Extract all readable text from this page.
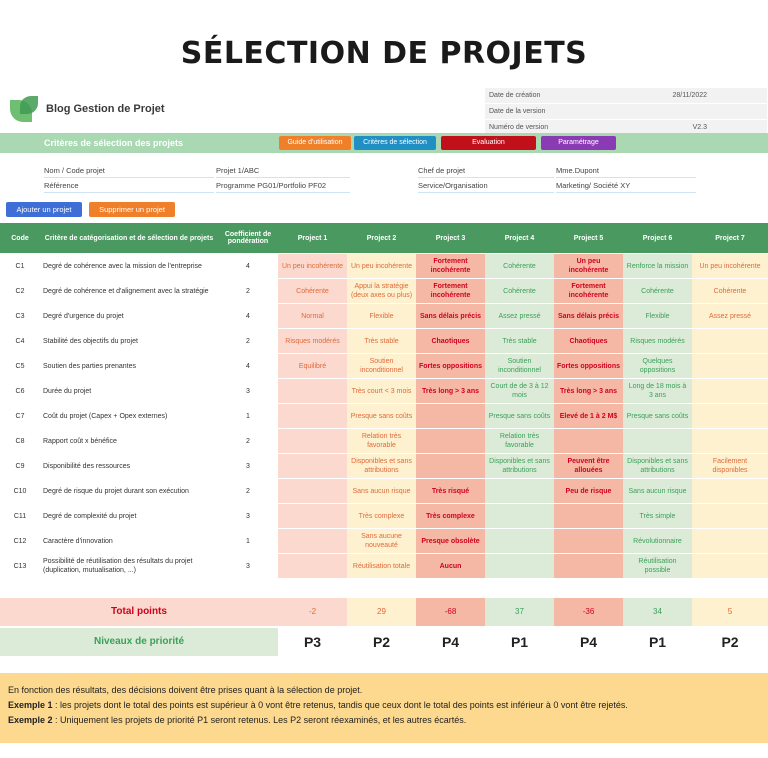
SÉLECTION DE PROJETS
Blog Gestion de Projet
Date de création	28/11/2022
Date de la version
Numéro de version	V2.3
Critères de sélection des projets	Guide d'utilisation	Critères de sélection	Evaluation	Paramétrage
Nom / Code projet	Projet 1/ABC
Référence	Programme PG01/Portfolio PF02
Chef de projet	Mme.Dupont
Service/Organisation	Marketing/ Société XY
Ajouter un projet	Supprimer un projet
Code	Critère de catégorisation et de sélection de projets	Coefficient de pondération	Project 1	Project 2	Project 3	Project 4	Project 5	Project 6	Project 7
C1	Degré de cohérence avec la mission de l'entreprise	4	Un peu incohérente	Un peu incohérente	Fortement incohérente	Cohérente	Un peu incohérente	Renforce la mission	Un peu incohérente
C2	Degré de cohérence et d'alignement avec la stratégie	2	Cohérente	Appui la stratégie (deux axes ou plus)	Fortement incohérente	Cohérente	Fortement incohérente	Cohérente	Cohérente
C3	Degré d'urgence du projet	4	Normal	Flexible	Sans délais précis	Assez pressé	Sans délais précis	Flexible	Assez pressé
C4	Stabilité des objectifs du projet	2	Risques modérés	Très stable	Chaotiques	Très stable	Chaotiques	Risques modérés	
C5	Soutien des parties prenantes	4	Equilibré	Soutien inconditionnel	Fortes oppositions	Soutien inconditionnel	Fortes oppositions	Quelques oppositions	
C6	Durée du projet	3		Très court < 3 mois	Très long > 3 ans	Court de de 3 à 12 mois	Très long > 3 ans	Long de 18 mois à 3 ans	
C7	Coût du projet (Capex + Opex externes)	1		Presque sans coûts		Presque sans coûts	Elevé de 1 à 2 M$	Presque sans coûts	
C8	Rapport coût x bénéfice	2		Relation très favorable		Relation très favorable			
C9	Disponibilité des ressources	3		Disponibles et sans attributions		Disponibles et sans attributions	Peuvent être allouées	Disponibles et sans attributions	Facilement disponibles
C10	Degré de risque du projet durant son exécution	2		Sans aucun risque	Très risqué		Peu de risque	Sans aucun risque	
C11	Degré de complexité du projet	3		Très complexe	Très complexe			Très simple	
C12	Caractère d'innovation	1		Sans aucune nouveauté	Presque obsolète			Révolutionnaire	
C13	Possibilité de réutilisation des résultats du projet (duplication, mutualisation, ...)	3		Réutilisation totale	Aucun			Réutilisation possible	
Total points	-2	29	-68	37	-36	34	5
Niveaux de priorité	P3	P2	P4	P1	P4	P1	P2
En fonction des résultats, des décisions doivent être prises quant à la sélection de projet.
Exemple 1 : les projets dont le total des points est supérieur à 0 vont être retenus, tandis que ceux dont le total des points est inférieur à 0 vont être rejetés.
Exemple 2 : Uniquement les projets de priorité P1 seront retenus. Les P2 seront réexaminés, et les autres écartés.
